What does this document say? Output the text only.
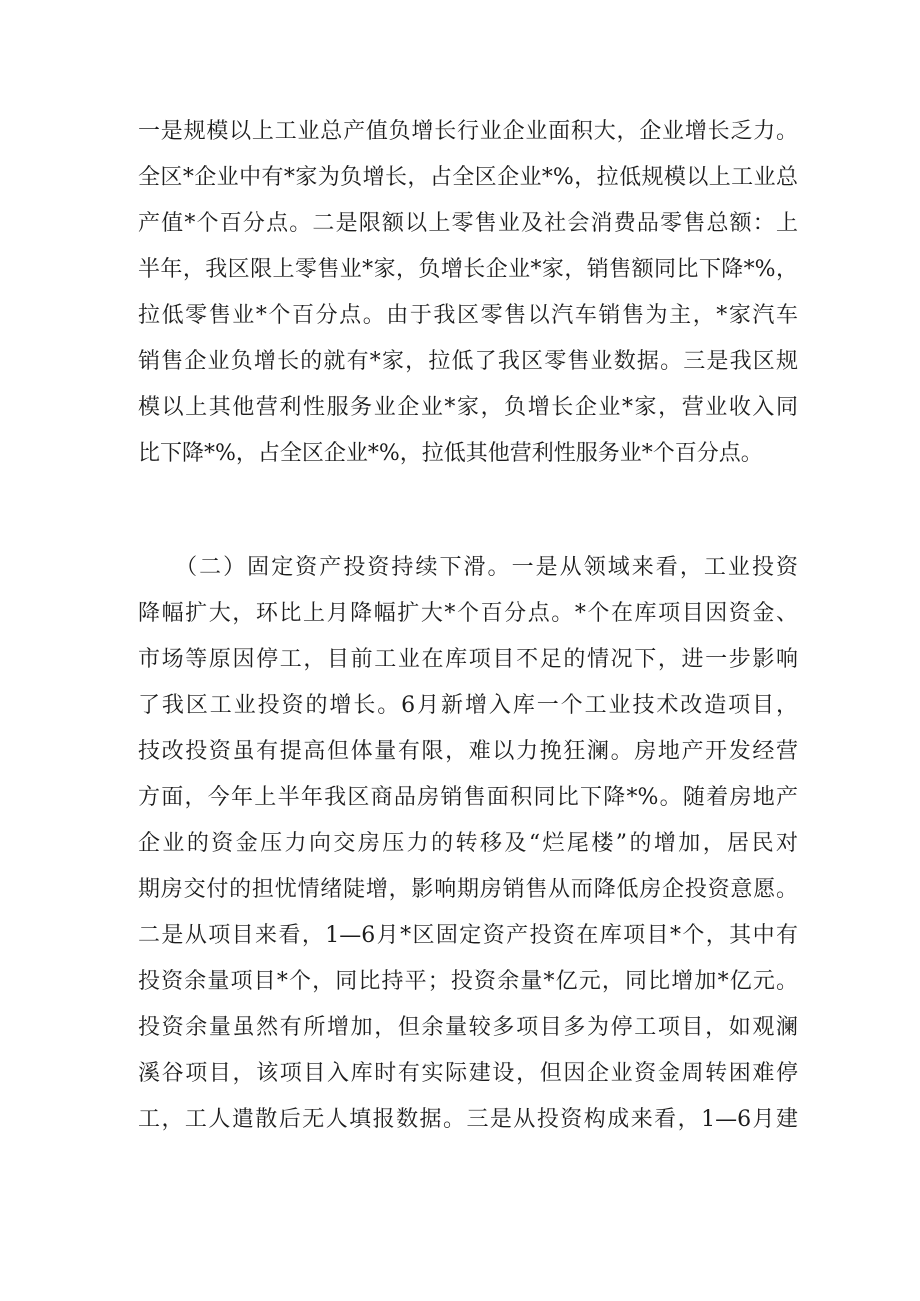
一是规模以上工业总产值负增长行业企业面积大，企业增长乏力。
全区*企业中有*家为负增长，占全区企业*%，拉低规模以上工业总
产值*个百分点。二是限额以上零售业及社会消费品零售总额：上
半年，我区限上零售业*家，负增长企业*家，销售额同比下降*%，
拉低零售业*个百分点。由于我区零售以汽车销售为主，*家汽车
销售企业负增长的就有*家，拉低了我区零售业数据。三是我区规
模以上其他营利性服务业企业*家，负增长企业*家，营业收入同
比下降*%，占全区企业*%，拉低其他营利性服务业*个百分点。
　　（二）固定资产投资持续下滑。一是从领域来看，工业投资
降幅扩大，环比上月降幅扩大*个百分点。*个在库项目因资金、
市场等原因停工，目前工业在库项目不足的情况下，进一步影响
了我区工业投资的增长。6月新增入库一个工业技术改造项目，
技改投资虽有提高但体量有限，难以力挽狂澜。房地产开发经营
方面，今年上半年我区商品房销售面积同比下降*%。随着房地产
企业的资金压力向交房压力的转移及“烂尾楼”的增加，居民对
期房交付的担忧情绪陡增，影响期房销售从而降低房企投资意愿。
二是从项目来看，1—6月*区固定资产投资在库项目*个，其中有
投资余量项目*个，同比持平；投资余量*亿元，同比增加*亿元。
投资余量虽然有所增加，但余量较多项目多为停工项目，如观澜
溪谷项目，该项目入库时有实际建设，但因企业资金周转困难停
工，工人遣散后无人填报数据。三是从投资构成来看，1—6月建
